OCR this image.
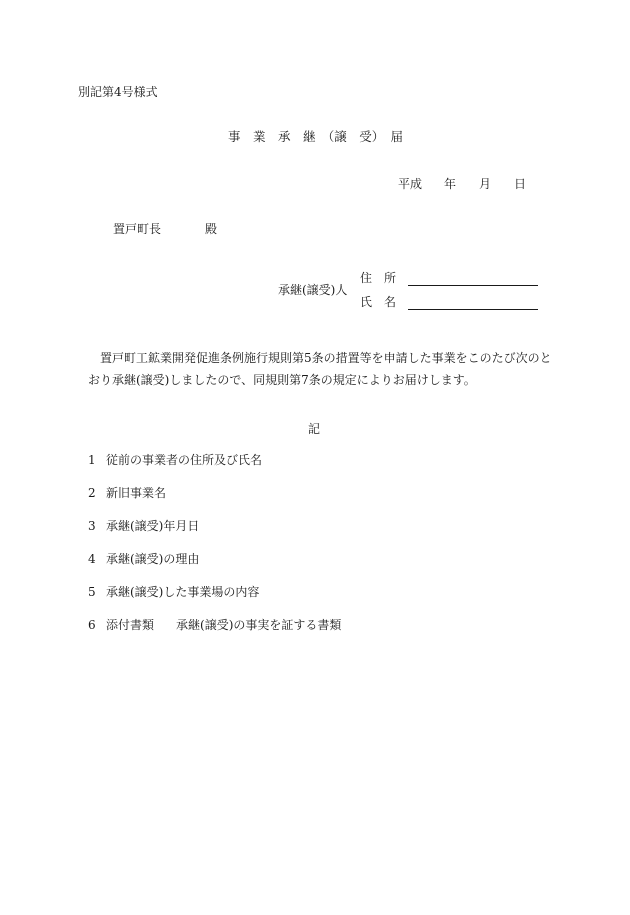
別記第4号様式
事　業　承　継　（譲　受）　届
平成 年 月 日
置戸町長	殿
承継(譲受)人
住　所
氏　名
置戸町工鉱業開発促進条例施行規則第5条の措置等を申請した事業をこのたび次のと
おり承継(譲受)しましたので、同規則第7条の規定によりお届けします。
記
1 従前の事業者の住所及び氏名
2 新旧事業名
3 承継(譲受)年月日
4 承継(譲受)の理由
5 承継(譲受)した事業場の内容
6 添付書類 承継(譲受)の事実を証する書類
